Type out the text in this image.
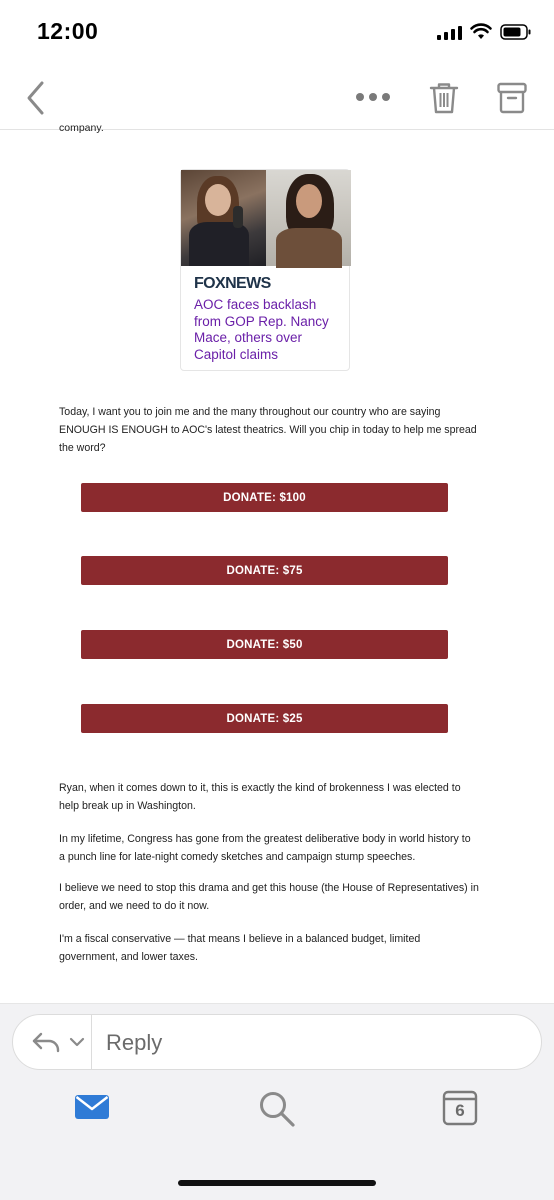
12:00
company.
FOXNEWS
AOC faces backlash from GOP Rep. Nancy Mace, others over Capitol claims
Today, I want you to join me and the many throughout our country who are saying ENOUGH IS ENOUGH to AOC's latest theatrics. Will you chip in today to help me spread the word?
DONATE: $100
DONATE: $75
DONATE: $50
DONATE: $25
Ryan, when it comes down to it, this is exactly the kind of brokenness I was elected to help break up in Washington.
In my lifetime, Congress has gone from the greatest deliberative body in world history to a punch line for late-night comedy sketches and campaign stump speeches.
I believe we need to stop this drama and get this house (the House of Representatives) in order, and we need to do it now.
I'm a fiscal conservative — that means I believe in a balanced budget, limited government, and lower taxes.
Reply
6
